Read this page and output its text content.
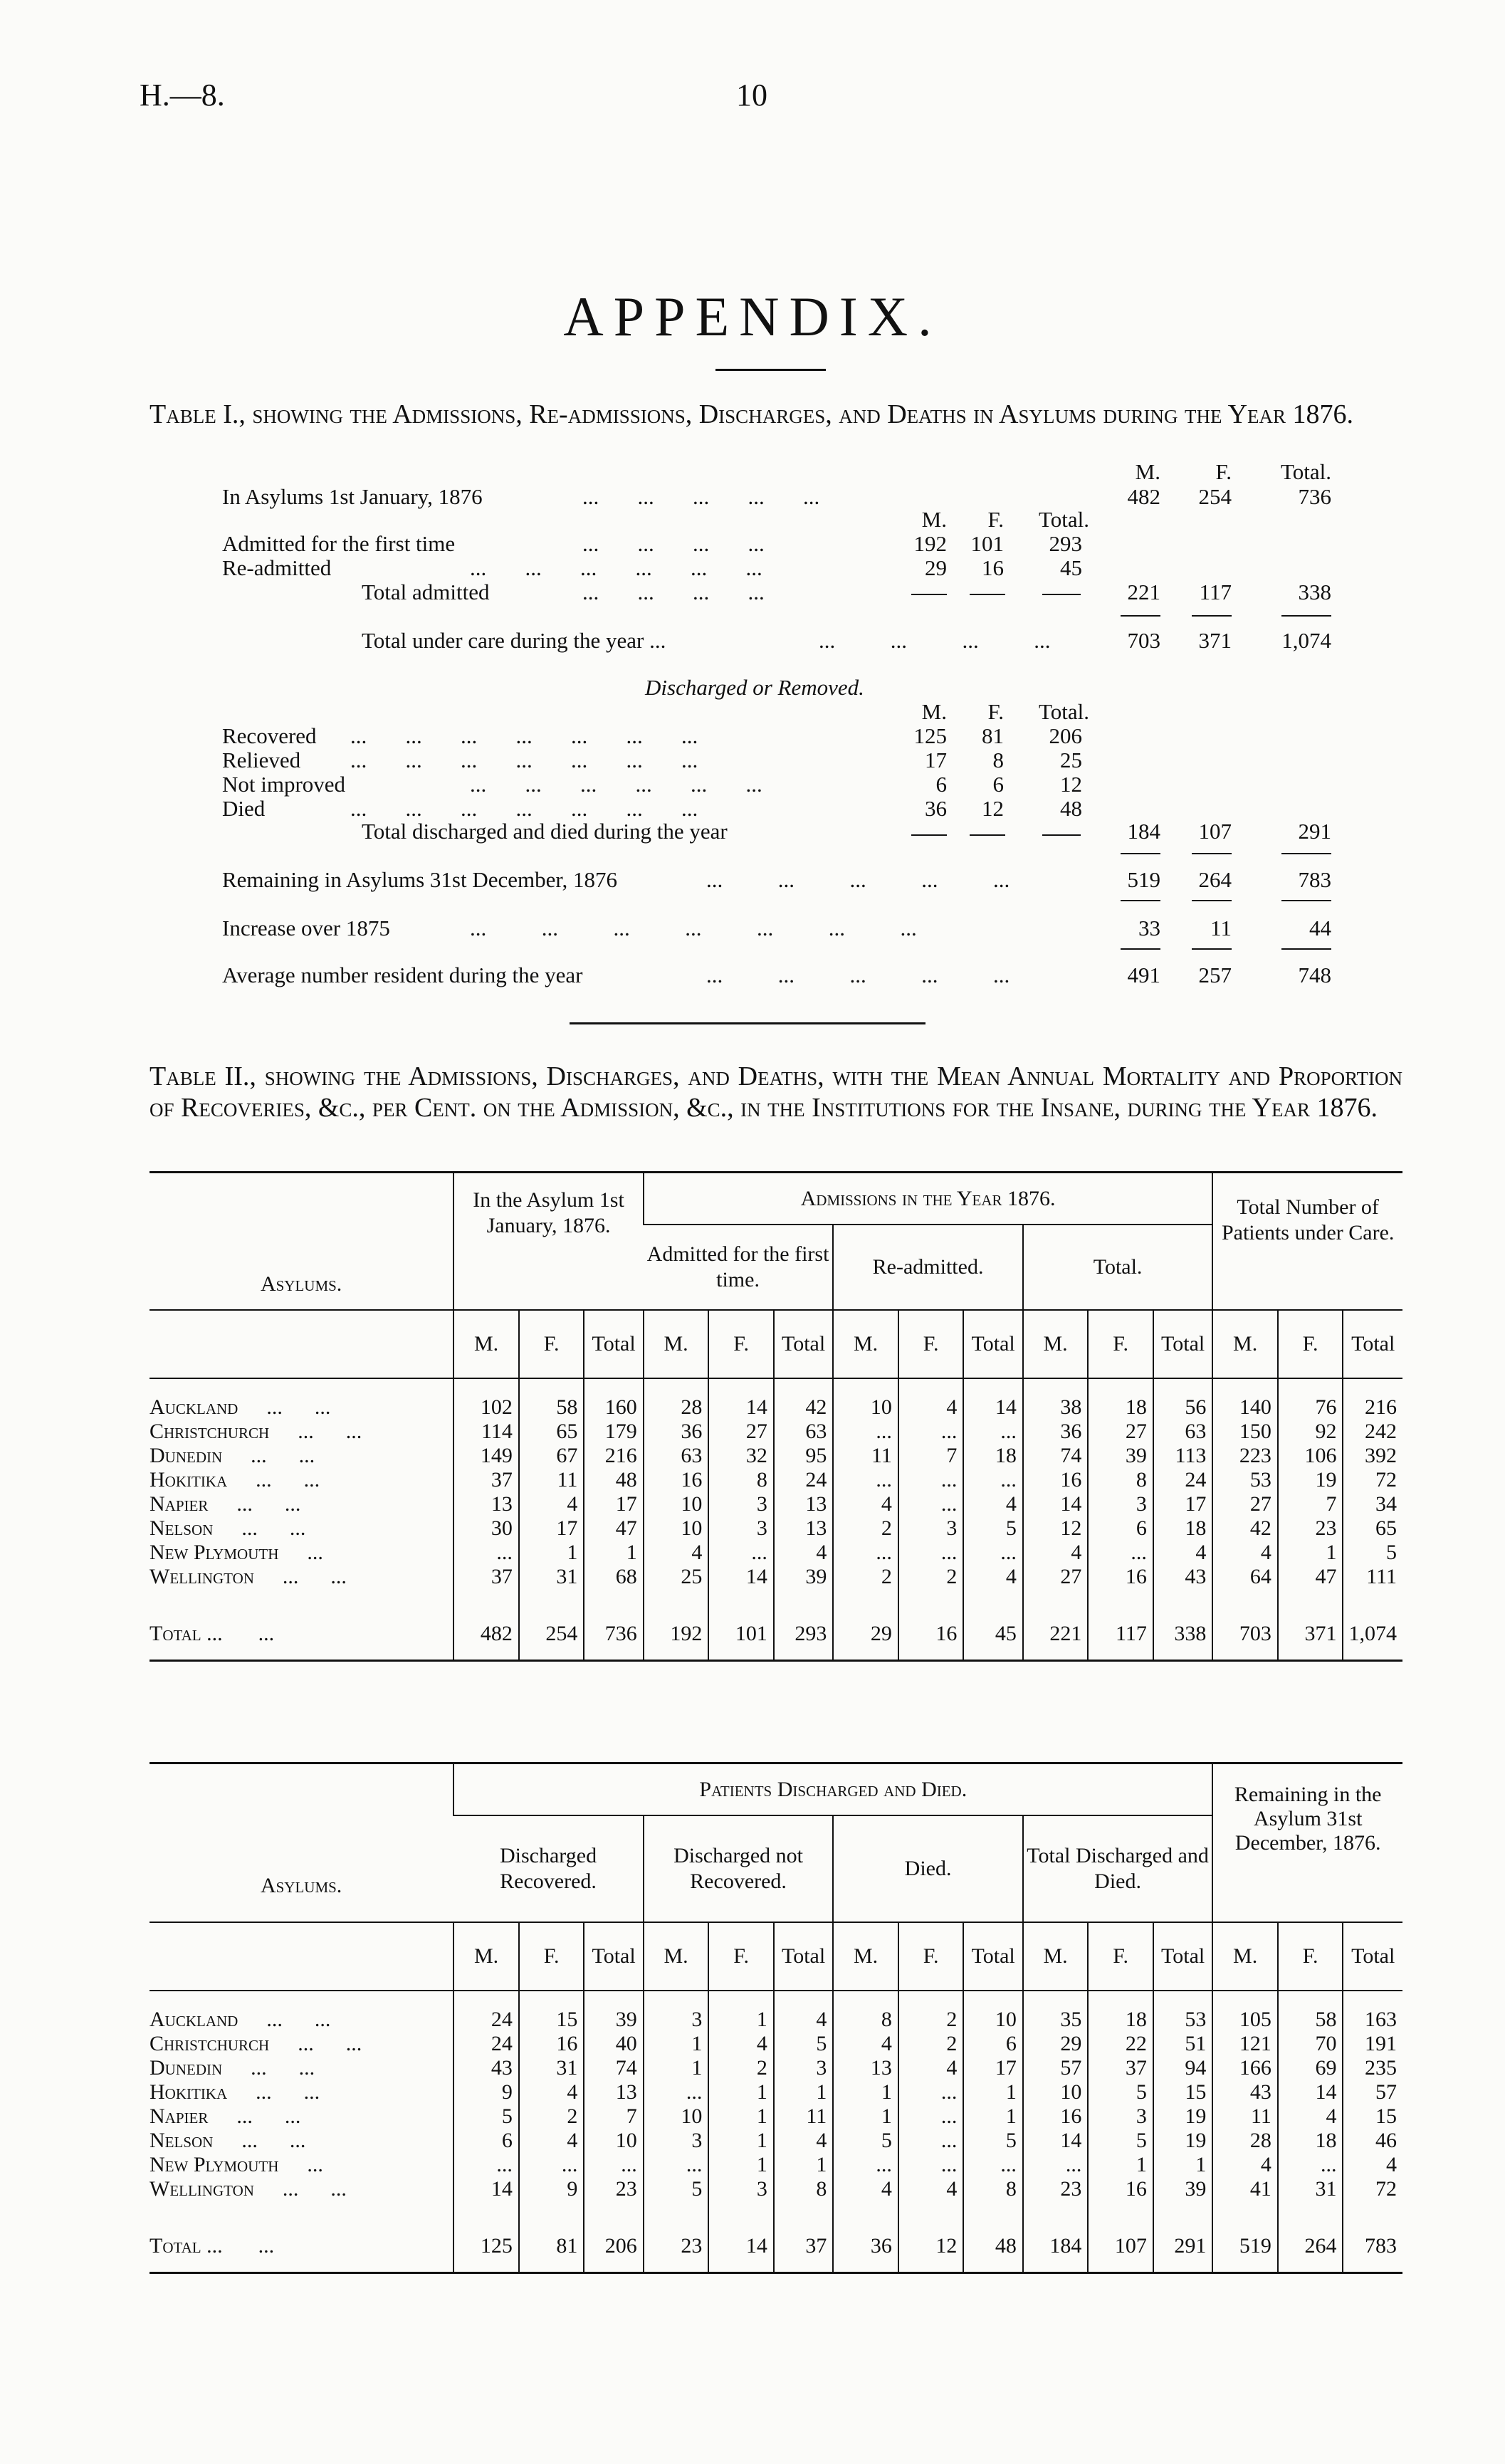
H.—8.	10
APPENDIX.
Table I., showing the Admissions, Re-admissions, Discharges, and Deaths in Asylums during the Year 1876.
M.	F.	Total.
In Asylums 1st January, 1876	...       ...       ...       ...       ...	482	254	736
M.	F.	Total.
Admitted for the first time	...       ...       ...       ...	192	101	293
Re-admitted	...       ...       ...       ...       ...       ...	29	16	45
Total admitted	...       ...       ...       ...	221	117	338
Total under care during the year ...	...          ...          ...          ...	703	371	1,074
Discharged or Removed.
M.	F.	Total.
Recovered ...       ...       ...       ...       ...       ...       ...	125	81	206
Relieved ...       ...       ...       ...       ...       ...       ...	17	8	25
Not improved	...       ...       ...       ...       ...       ...	6	6	12
Died	...       ...       ...       ...       ...       ...       ...	36	12	48
Total discharged and died during the year	184	107	291
Remaining in Asylums 31st December, 1876	...          ...          ...          ...          ...	519	264	783
Increase over 1875	...          ...          ...          ...          ...          ...          ...	33	11	44
Average number resident during the year	...          ...          ...          ...          ...	491	257	748
Table II., showing the Admissions, Discharges, and Deaths, with the Mean Annual Mortality and Proportion of Recoveries, &c., per Cent. on the Admission, &c., in the Institutions for the Insane, during the Year 1876.
Asylums.	In the Asylum 1st January, 1876.			Admissions in the Year 1876.									Total Number of Patients under Care.		
				Admitted for the first time.			Re-admitted.			Total.					
	M.	F.	Total	M.	F.	Total	M.	F.	Total	M.	F.	Total	M.	F.	Total

Auckland ...      ...	102	58	160	28	14	42	10	4	14	38	18	56	140	76	216
Christchurch ...      ...	114	65	179	36	27	63	...	...	...	36	27	63	150	92	242
Dunedin ...      ...	149	67	216	63	32	95	11	7	18	74	39	113	223	106	392
Hokitika ...      ...	37	11	48	16	8	24	...	...	...	16	8	24	53	19	72
Napier ...      ...	13	4	17	10	3	13	4	...	4	14	3	17	27	7	34
Nelson ...      ...	30	17	47	10	3	13	2	3	5	12	6	18	42	23	65
New Plymouth ...	...	1	1	4	...	4	...	...	...	4	...	4	4	1	5
Wellington ...      ...	37	31	68	25	14	39	2	2	4	27	16	43	64	47	111

Total ... ...	482	254	736	192	101	293	29	16	45	221	117	338	703	371	1,074
Asylums.	Patients Discharged and Died.												Remaining in the Asylum 31st December, 1876.		
	Discharged Recovered.			Discharged not Recovered.			Died.			Total Discharged and Died.					
	M.	F.	Total	M.	F.	Total	M.	F.	Total	M.	F.	Total	M.	F.	Total

Auckland ...      ...	24	15	39	3	1	4	8	2	10	35	18	53	105	58	163
Christchurch ...      ...	24	16	40	1	4	5	4	2	6	29	22	51	121	70	191
Dunedin ...      ...	43	31	74	1	2	3	13	4	17	57	37	94	166	69	235
Hokitika ...      ...	9	4	13	...	1	1	1	...	1	10	5	15	43	14	57
Napier ...      ...	5	2	7	10	1	11	1	...	1	16	3	19	11	4	15
Nelson ...      ...	6	4	10	3	1	4	5	...	5	14	5	19	28	18	46
New Plymouth ...	...	...	...	...	1	1	...	...	...	...	1	1	4	...	4
Wellington ...      ...	14	9	23	5	3	8	4	4	8	23	16	39	41	31	72

Total ... ...	125	81	206	23	14	37	36	12	48	184	107	291	519	264	783
